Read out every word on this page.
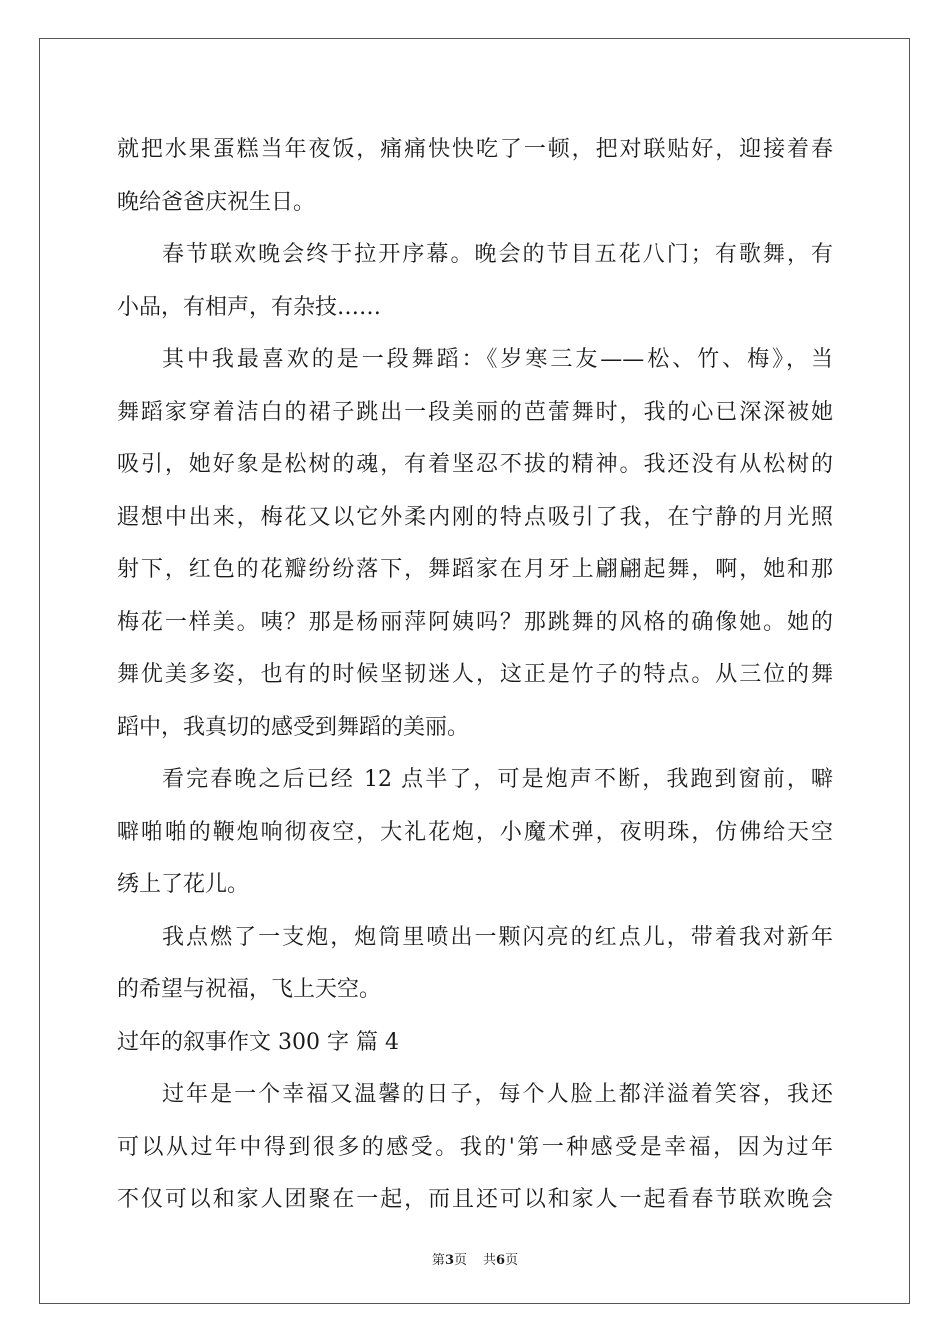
就把水果蛋糕当年夜饭，痛痛快快吃了一顿，把对联贴好，迎接着春
晚给爸爸庆祝生日。
春节联欢晚会终于拉开序幕。晚会的节目五花八门；有歌舞，有
小品，有相声，有杂技……
其中我最喜欢的是一段舞蹈：《岁寒三友——松、竹、梅》，当
舞蹈家穿着洁白的裙子跳出一段美丽的芭蕾舞时，我的心已深深被她
吸引，她好象是松树的魂，有着坚忍不拔的精神。我还没有从松树的
遐想中出来，梅花又以它外柔内刚的特点吸引了我，在宁静的月光照
射下，红色的花瓣纷纷落下，舞蹈家在月牙上翩翩起舞，啊，她和那
梅花一样美。咦？那是杨丽萍阿姨吗？那跳舞的风格的确像她。她的
舞优美多姿，也有的时候坚韧迷人，这正是竹子的特点。从三位的舞
蹈中，我真切的感受到舞蹈的美丽。
看完春晚之后已经 12 点半了，可是炮声不断，我跑到窗前，噼
噼啪啪的鞭炮响彻夜空，大礼花炮，小魔术弹，夜明珠，仿佛给天空
绣上了花儿。
我点燃了一支炮，炮筒里喷出一颗闪亮的红点儿，带着我对新年
的希望与祝福，飞上天空。
过年的叙事作文 300 字 篇 4
过年是一个幸福又温馨的日子，每个人脸上都洋溢着笑容，我还
可以从过年中得到很多的感受。我的'第一种感受是幸福，因为过年
不仅可以和家人团聚在一起，而且还可以和家人一起看春节联欢晚会
第3页 共6页
